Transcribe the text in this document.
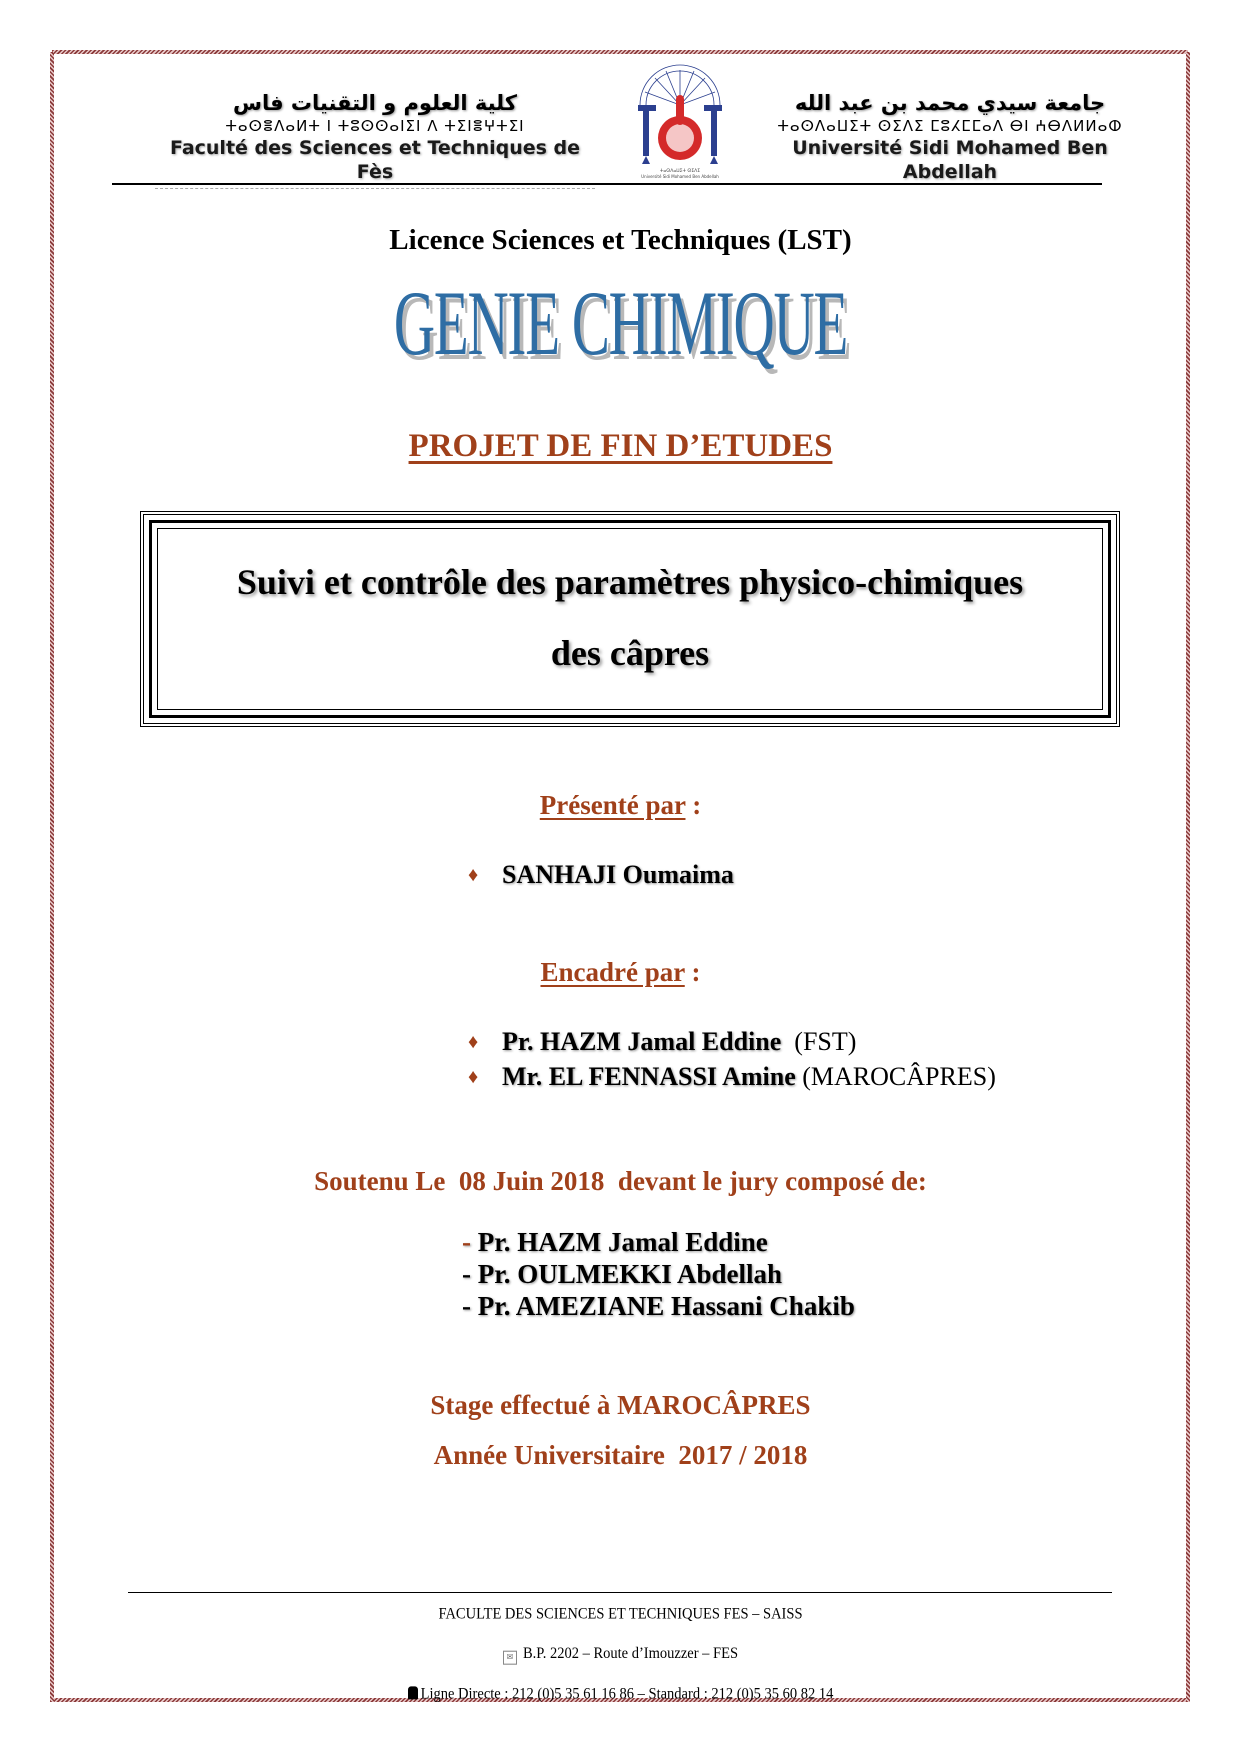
كلية العلوم و التقنيات فاس
ⵜⴰⵙⴻⴷⴰⵍⵜ ⵏ ⵜⵓⵙⵙⴰⵏⵉⵏ ⴷ ⵜⵉⵏⴻⵖⵜⵉⵏ
Faculté des Sciences et Techniques de Fès	ⵜⴰⵙⴷⴰⵡⵉⵜ ⵙⵉⴷⵉ
Université Sidi Mohamed Ben Abdellah
جامعة سيدي محمد بن عبد الله
ⵜⴰⵙⴷⴰⵡⵉⵜ ⵙⵉⴷⵉ ⵎⵓⵃⵎⵎⴰⴷ ⴱⵏ ⵄⴱⴷⵍⵍⴰⵀ
Université Sidi Mohamed Ben Abdellah
Licence Sciences et Techniques (LST)
GENIE CHIMIQUE
PROJET DE FIN D’ETUDES
Suivi et contrôle des paramètres physico-chimiques
des câpres
Présenté par :
♦ SANHAJI Oumaima
Encadré par :
♦ Pr. HAZM Jamal Eddine  (FST)
♦ Mr. EL FENNASSI Amine (MAROCÂPRES)
Soutenu Le  08 Juin 2018  devant le jury composé de:
- Pr. HAZM Jamal Eddine
- Pr. OULMEKKI Abdellah
- Pr. AMEZIANE Hassani Chakib
Stage effectué à MAROCÂPRES
Année Universitaire  2017 / 2018
FACULTE DES SCIENCES ET TECHNIQUES FES – SAISS
✉ B.P. 2202 – Route d’Imouzzer – FES
Ligne Directe : 212 (0)5 35 61 16 86 – Standard : 212 (0)5 35 60 82 14
